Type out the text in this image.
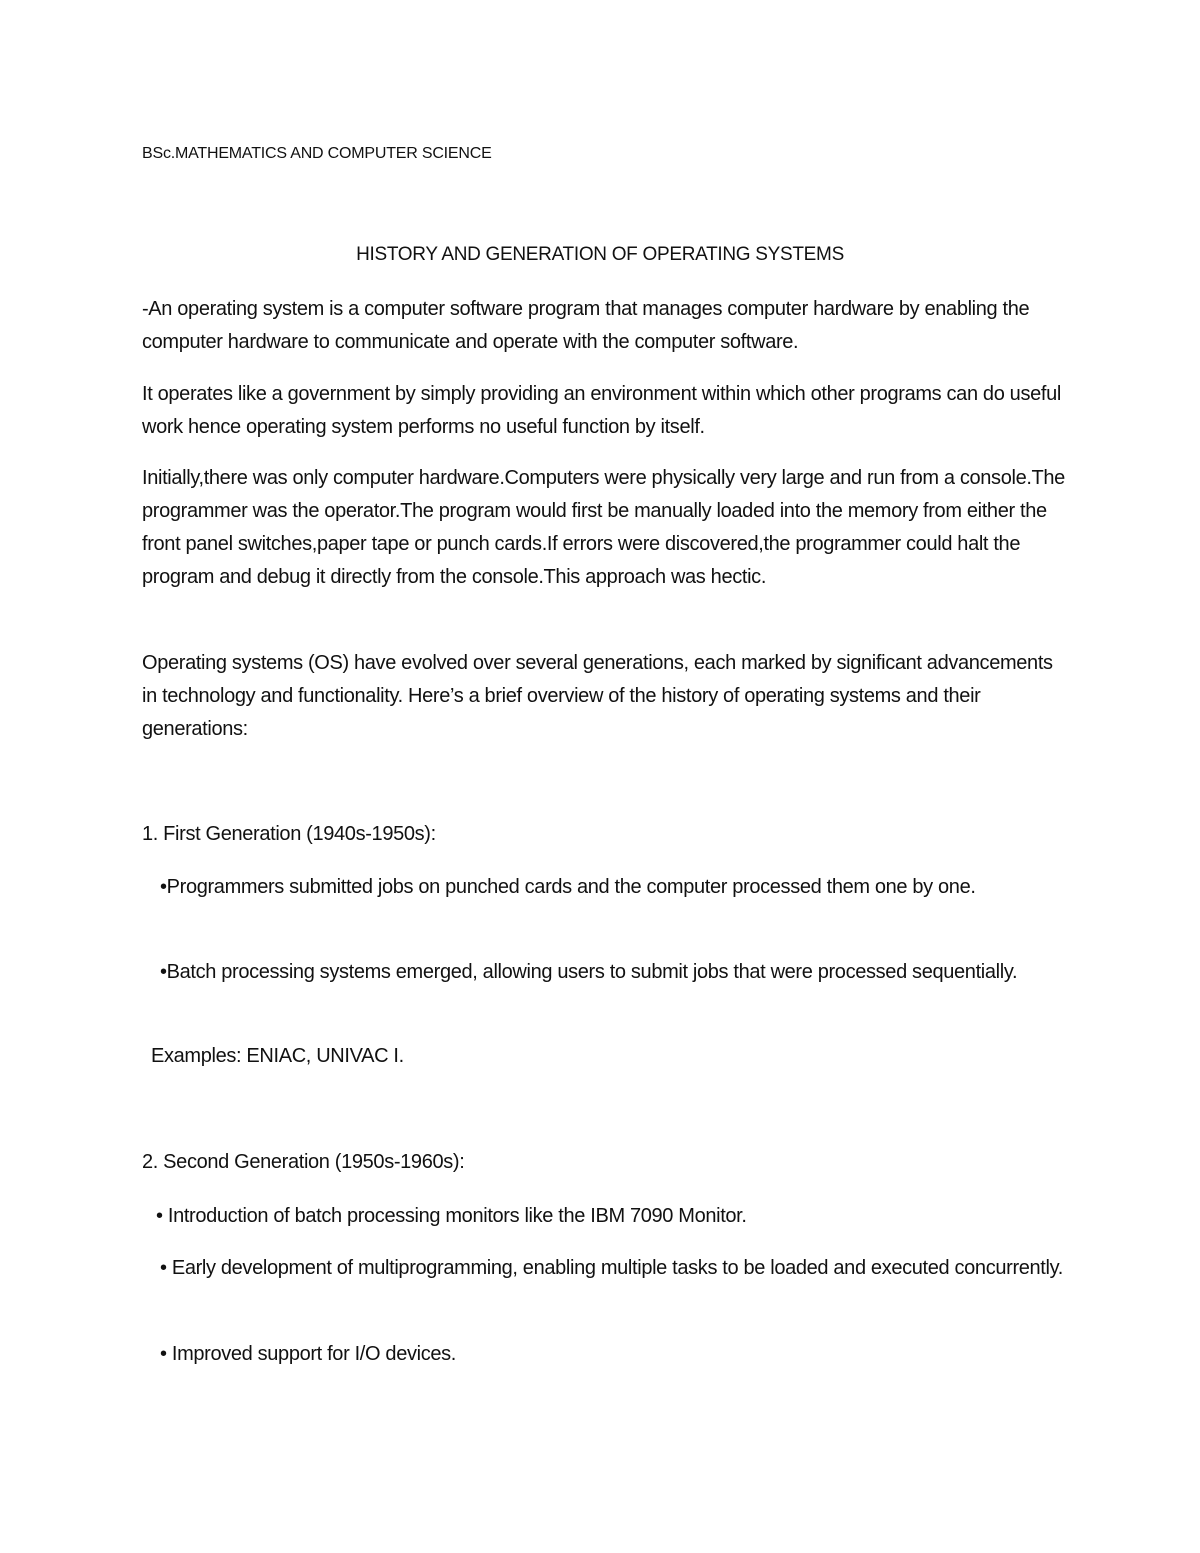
BSc.MATHEMATICS AND COMPUTER SCIENCE
HISTORY AND GENERATION OF OPERATING SYSTEMS

-An operating system is a computer software program that manages computer hardware by enabling the computer hardware to communicate and operate with the computer software.

It operates like a government by simply providing an environment within which other programs can do useful work hence operating system performs no useful function by itself.

Initially,there was only computer hardware.Computers were physically very large and run from a console.The programmer was the operator.The program would first be manually loaded into the memory from either the front panel switches,paper tape or punch cards.If errors were discovered,the programmer could halt the program and debug it directly from the console.This approach was hectic.

Operating systems (OS) have evolved over several generations, each marked by significant advancements in technology and functionality. Here’s a brief overview of the history of operating systems and their generations:

1. First Generation (1940s-1950s):

•Programmers submitted jobs on punched cards and the computer processed them one by one.

•Batch processing systems emerged, allowing users to submit jobs that were processed sequentially.

Examples: ENIAC, UNIVAC I.
2. Second Generation (1950s-1960s):

• Introduction of batch processing monitors like the IBM 7090 Monitor.

• Early development of multiprogramming, enabling multiple tasks to be loaded and executed concurrently.

• Improved support for I/O devices.
